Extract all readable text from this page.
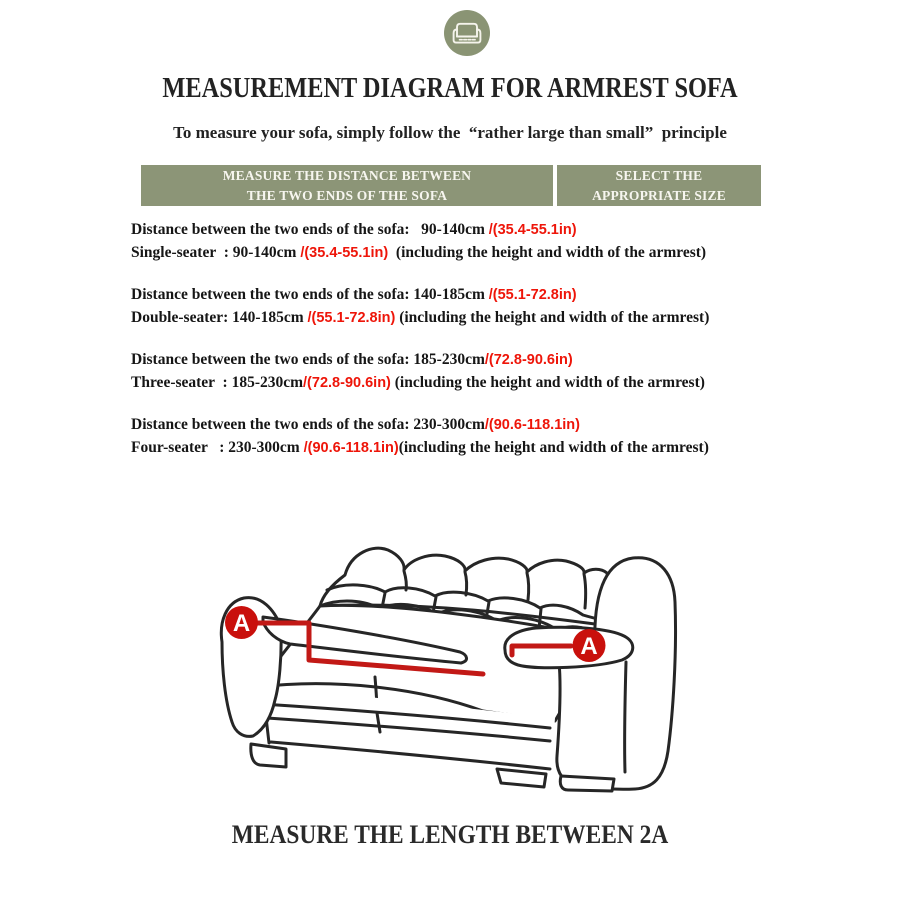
MEASUREMENT DIAGRAM FOR ARMREST SOFA
To measure your sofa, simply follow the  “rather large than small”  principle
MEASURE THE DISTANCE BETWEEN
THE TWO ENDS OF THE SOFA
SELECT THE
APPROPRIATE SIZE
Distance between the two ends of the sofa:   90-140cm /(35.4-55.1in)
Single-seater  : 90-140cm /(35.4-55.1in)  (including the height and width of the armrest)
Distance between the two ends of the sofa: 140-185cm /(55.1-72.8in)
Double-seater: 140-185cm /(55.1-72.8in) (including the height and width of the armrest)
Distance between the two ends of the sofa: 185-230cm/(72.8-90.6in)
Three-seater  : 185-230cm/(72.8-90.6in) (including the height and width of the armrest)
Distance between the two ends of the sofa: 230-300cm/(90.6-118.1in)
Four-seater   : 230-300cm /(90.6-118.1in)(including the height and width of the armrest)
A
A
MEASURE THE LENGTH BETWEEN 2A
